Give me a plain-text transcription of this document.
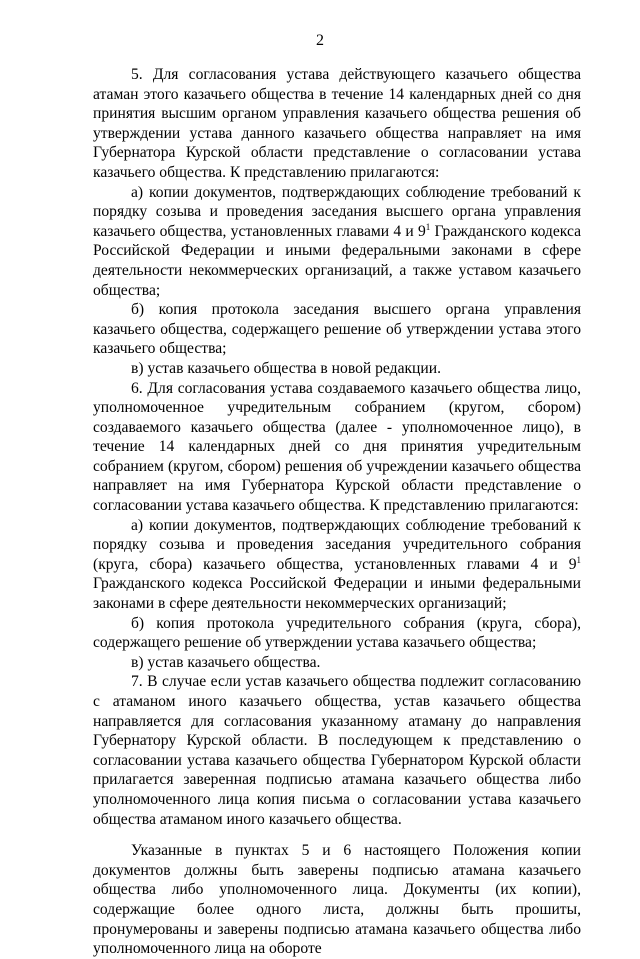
2

5. Для согласования устава действующего казачьего общества атаман этого казачьего общества в течение 14 календарных дней со дня принятия высшим органом управления казачьего общества решения об утверждении устава данного казачьего общества направляет на имя Губернатора Курской области представление о согласовании устава казачьего общества. К представлению прилагаются:

а) копии документов, подтверждающих соблюдение требований к порядку созыва и проведения заседания высшего органа управления казачьего общества, установленных главами 4 и $9^1$ Гражданского кодекса Российской Федерации и иными федеральными законами в сфере деятельности некоммерческих организаций, а также уставом казачьего общества;

б) копия протокола заседания высшего органа управления казачьего общества, содержащего решение об утверждении устава этого казачьего общества;

в) устав казачьего общества в новой редакции.

6. Для согласования устава создаваемого казачьего общества лицо, уполномоченное учредительным собранием (кругом, сбором) создаваемого казачьего общества (далее - уполномоченное лицо), в течение 14 календарных дней со дня принятия учредительным собранием (кругом, сбором) решения об учреждении казачьего общества направляет на имя Губернатора Курской области представление о согласовании устава казачьего общества. К представлению прилагаются:

а) копии документов, подтверждающих соблюдение требований к порядку созыва и проведения заседания учредительного собрания (круга, сбора) казачьего общества, установленных главами 4 и $9^1$ Гражданского кодекса Российской Федерации и иными федеральными законами в сфере деятельности некоммерческих организаций;

б) копия протокола учредительного собрания (круга, сбора), содержащего решение об утверждении устава казачьего общества;

в) устав казачьего общества.

7. В случае если устав казачьего общества подлежит согласованию с атаманом иного казачьего общества, устав казачьего общества направляется для согласования указанному атаману до направления Губернатору Курской области. В последующем к представлению о согласовании устава казачьего общества Губернатором Курской области прилагается заверенная подписью атамана казачьего общества либо уполномоченного лица копия письма о согласовании устава казачьего общества атаманом иного казачьего общества.

Указанные в пунктах 5 и 6 настоящего Положения копии документов должны быть заверены подписью атамана казачьего общества либо уполномоченного лица. Документы (их копии), содержащие более одного листа, должны быть прошиты, пронумерованы и заверены подписью атамана казачьего общества либо уполномоченного лица на обороте
